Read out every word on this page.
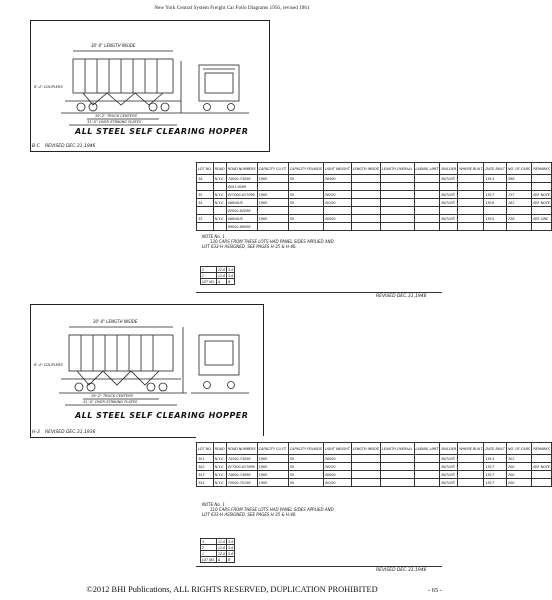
New York Central System Freight Car Folio Diagrams 1956, revised 1961
30'-0" LENGTH INSIDE
19'-2" TRUCK CENTERS
31'-0" OVER STRIKING PLATES
8'-4" COUPLERS
ALL STEEL SELF CLEARING HOPPER
B-C REVISED DEC.31,1946
LOT NO.	ROAD	ROAD NUMBERS	CAPACITY CU.FT.	CAPACITY POUNDS	LIGHT WEIGHT	LENGTH INSIDE	LENGTH OVERALL	LADING LIMIT	BUILDER	WHERE BUILT	DATE BUILT	NO. OF CARS	REMARKS
3A	N.Y.C.	74000-74599	1900	50	38400				BUTLER		1914	598	
		8503-8589											
35	N.Y.C.	817000-817099	1900	50	38200				BUTLER		1917	137	SEE NOTE
34	N.Y.C.	VARIOUS	1900	50	40100				BUTLER		1916	181	SEE NOTE
		82000-82099											
33	N.Y.C.	VARIOUS	1900	50	40500				BUTLER		1915	238	SEE LINE
		89000-89099											
NOTE No. 1
130 CARS FROM THESE LOTS HAD PANEL SIDES APPLIED AND
LOT 633-H ASSIGNED, SEE PAGES H-35 & H-40.
2	12-0	5-6
1	11-6	5-6
LOT NO.	A	B
REVISED DEC.31,1946
30'-0" LENGTH INSIDE
19'-2" TRUCK CENTERS
31'-0" OVER STRIKING PLATES
8'-4" COUPLERS
ALL STEEL SELF CLEARING HOPPER
H-3 REVISED DEC.31,1936
LOT NO.	ROAD	ROAD NUMBERS	CAPACITY CU.FT.	CAPACITY POUNDS	LIGHT WEIGHT	LENGTH INSIDE	LENGTH OVERALL	LADING LIMIT	BUILDER	WHERE BUILT	DATE BUILT	NO. OF CARS	REMARKS
301	N.Y.C.	74300-74599	1900	50	38500				BUTLER		1914	301	
302	N.Y.C.	817500-817699	1900	50	38200				BUTLER		1917	200	SEE NOTE
353	N.Y.C.	74800-74999	1900	50	40000				BUTLER		1917	200	
354	N.Y.C.	75000-75199	1900	50	40100				BUTLER		1917	200	
NOTE No. 1
110 CARS FROM THESE LOTS HAD PANEL SIDES APPLIED AND
LOT 633-H ASSIGNED, SEE PAGES H-35 & H-40.
3	11-6	5-6
2	11-6	5-6
1	12-0	5-6
LOT NO.	A	B
REVISED DEC.31,1946
©2012 BHI Publications, ALL RIGHTS RESERVED, DUPLICATION PROHIBITED	- 65 -
